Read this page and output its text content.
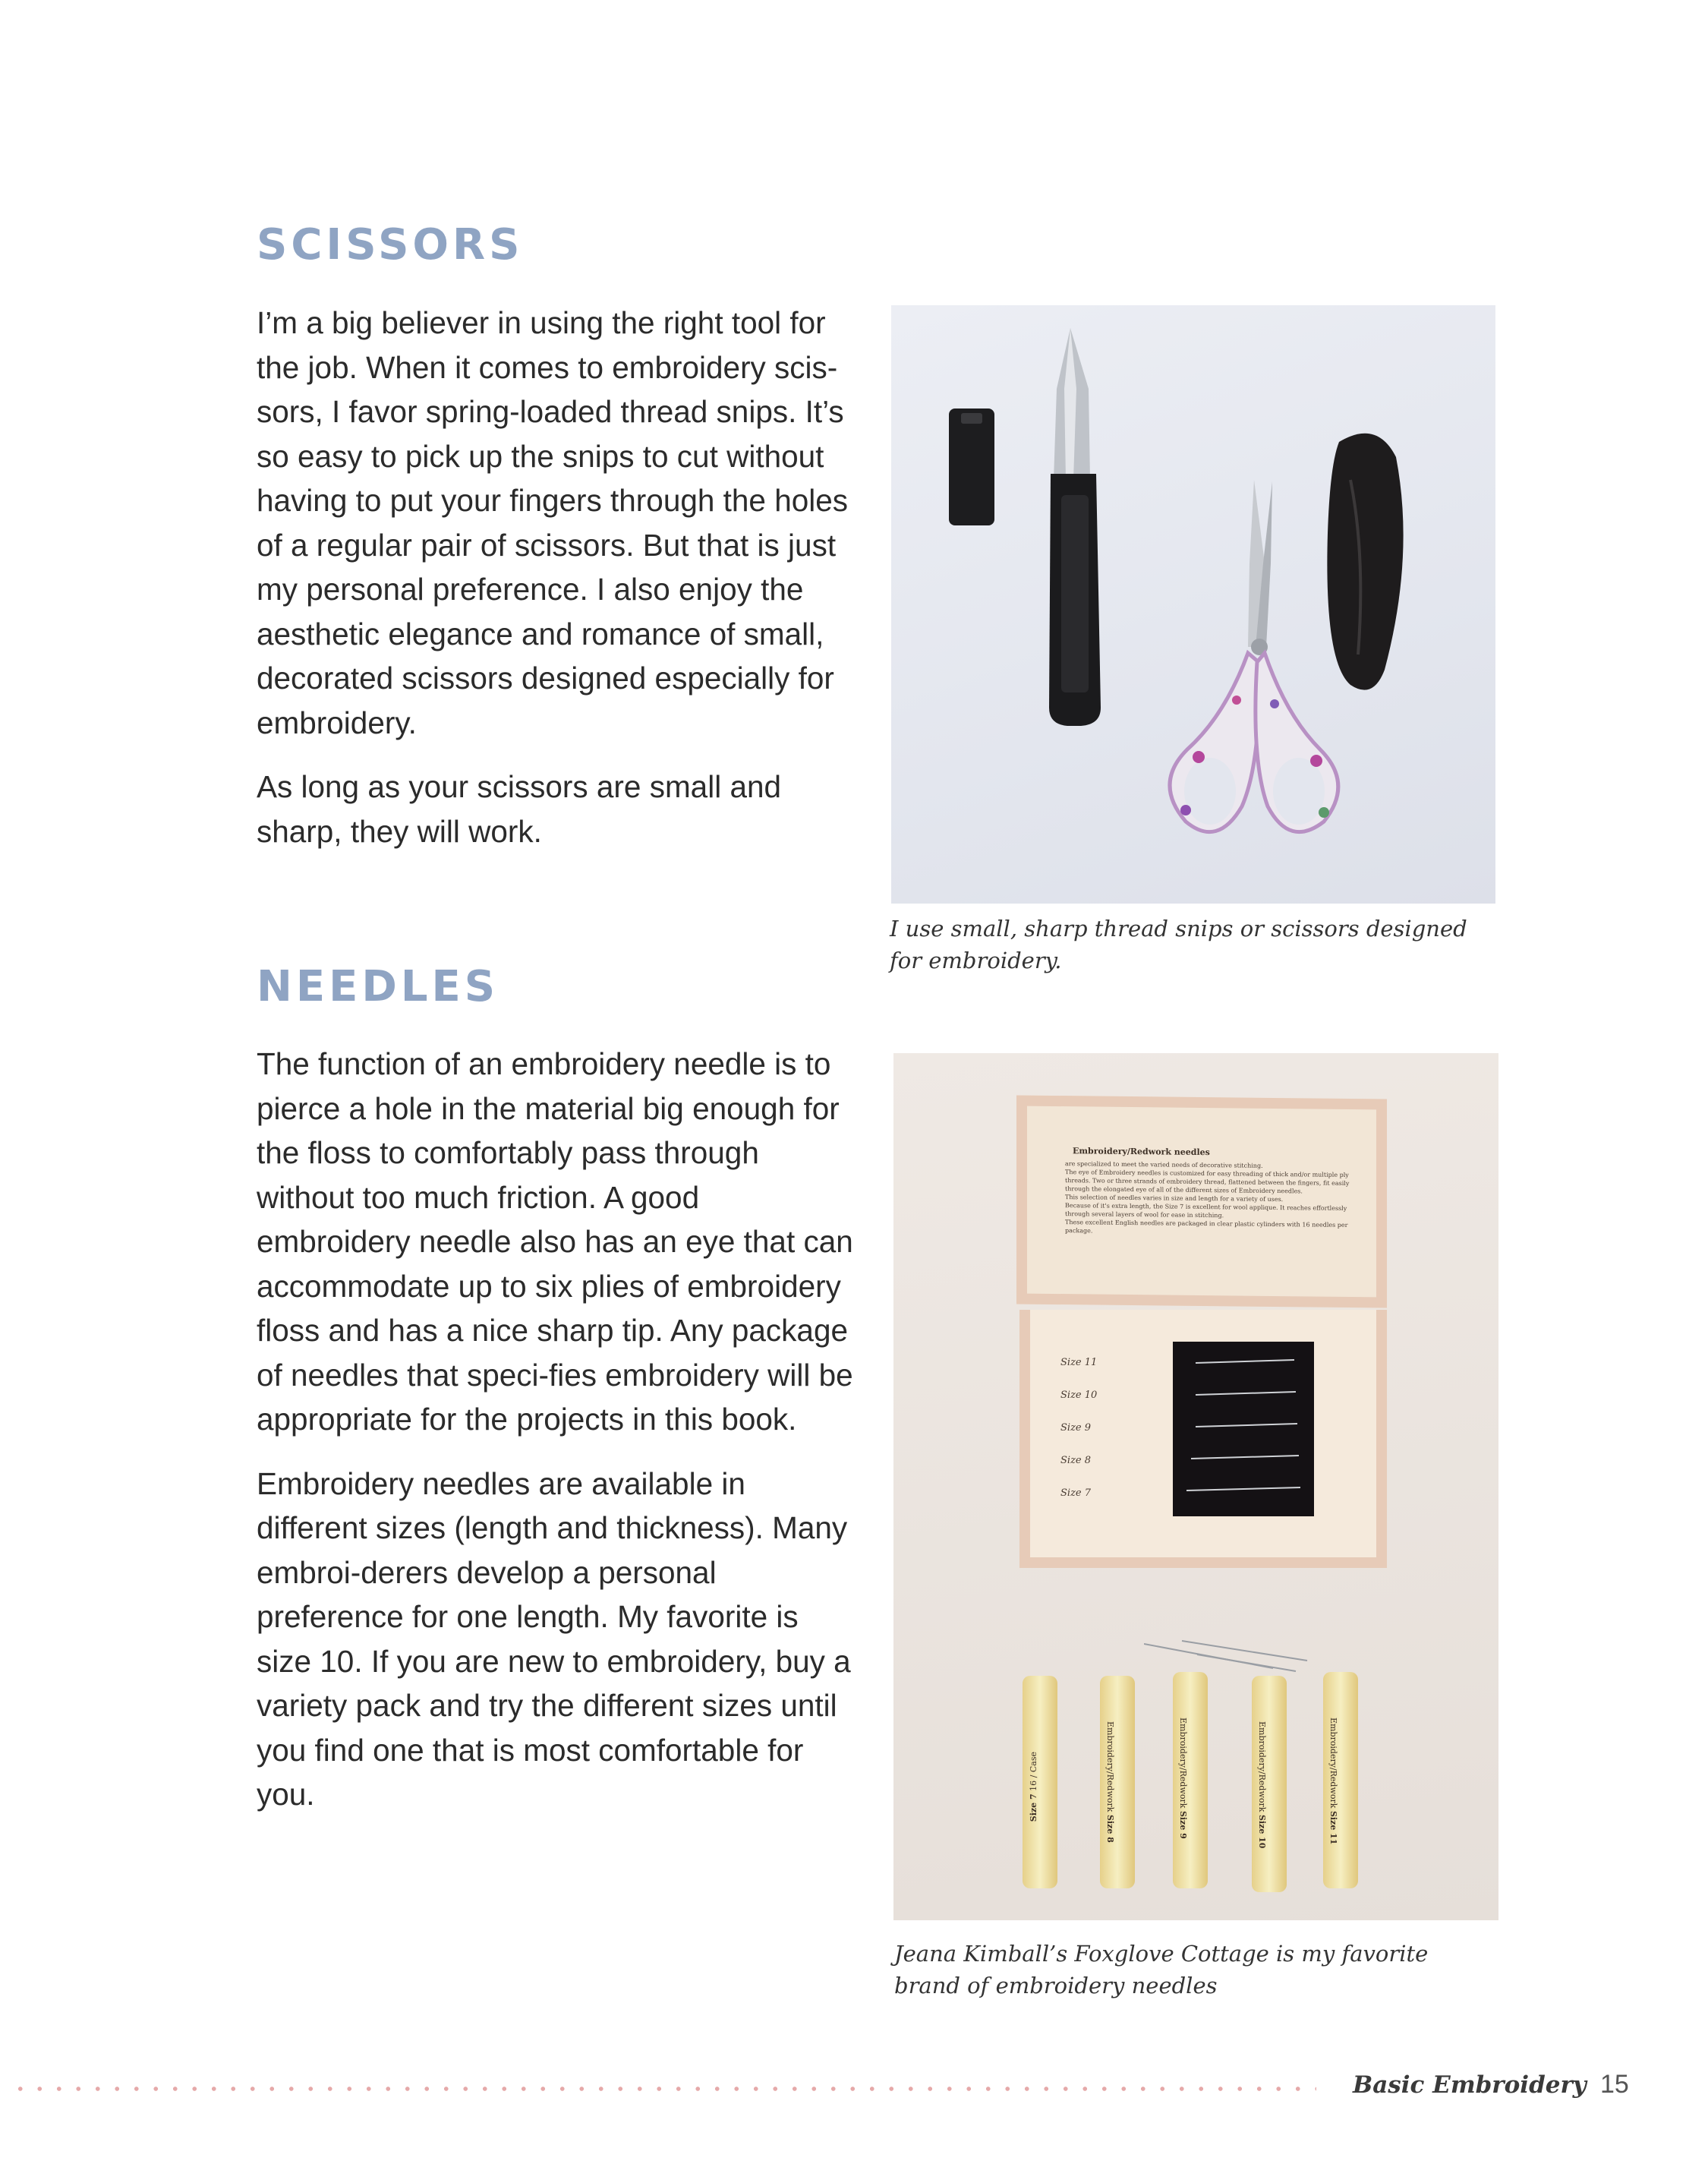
SCISSORS

I’m a big believer in using the right tool for the job. When it comes to embroidery scis-sors, I favor spring-loaded thread snips. It’s so easy to pick up the snips to cut without having to put your fingers through the holes of a regular pair of scissors. But that is just my personal preference. I also enjoy the aesthetic elegance and romance of small, decorated scissors designed especially for embroidery.

As long as your scissors are small and sharp, they will work.

I use small, sharp thread snips or scissors designed for embroidery.
NEEDLES

The function of an embroidery needle is to pierce a hole in the material big enough for the floss to comfortably pass through without too much friction. A good embroidery needle also has an eye that can accommodate up to six plies of embroidery floss and has a nice sharp tip. Any package of needles that speci-fies embroidery will be appropriate for the projects in this book.

Embroidery needles are available in different sizes (length and thickness). Many embroi-derers develop a personal preference for one length. My favorite is size 10. If you are new to embroidery, buy a variety pack and try the different sizes until you find one that is most comfortable for you.

Embroidery/Redwork needles
are specialized to meet the varied needs of decorative stitching.
The eye of Embroidery needles is customized for easy threading of thick and/or multiple ply threads. Two or three strands of embroidery thread, flattened between the fingers, fit easily through the elongated eye of all of the different sizes of Embroidery needles.
This selection of needles varies in size and length for a variety of uses.
Because of it's extra length, the Size 7 is excellent for wool applique. It reaches effortlessly through several layers of wool for ease in stitching.
These excellent English needles are packaged in clear plastic cylinders with 16 needles per package.
Size 11
Size 10
Size 9
Size 8
Size 7
Size 7 16 / Case	Embroidery/Redwork Size 8
Embroidery/Redwork Size 9
Embroidery/Redwork Size 10
Embroidery/Redwork Size 11
Jeana Kimball’s Foxglove Cottage is my favorite brand of embroidery needles
Basic Embroidery 15
